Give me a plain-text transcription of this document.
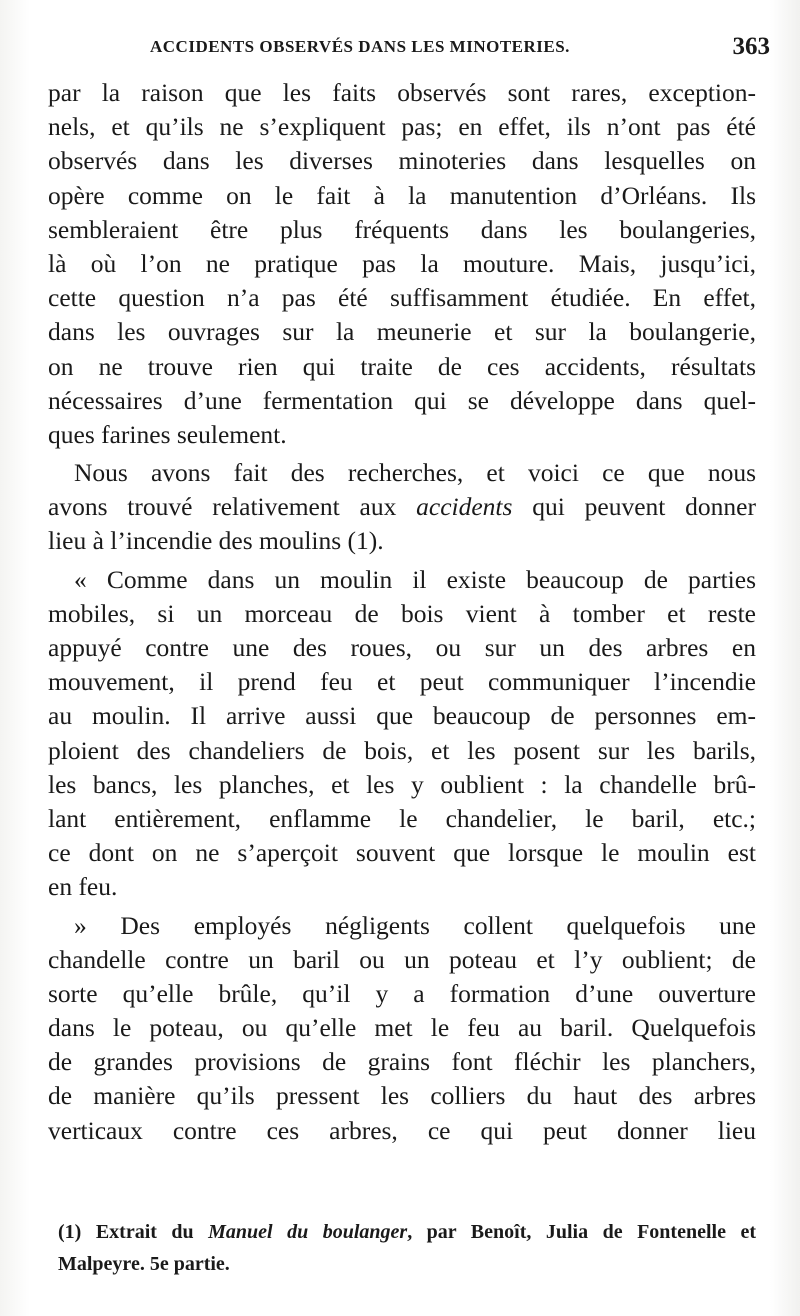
ACCIDENTS OBSERVÉS DANS LES MINOTERIES.	363
par la raison que les faits observés sont rares, exception-
nels, et qu’ils ne s’expliquent pas; en effet, ils n’ont pas été
observés dans les diverses minoteries dans lesquelles on
opère comme on le fait à la manutention d’Orléans. Ils
sembleraient être plus fréquents dans les boulangeries,
là où l’on ne pratique pas la mouture. Mais, jusqu’ici,
cette question n’a pas été suffisamment étudiée. En effet,
dans les ouvrages sur la meunerie et sur la boulangerie,
on ne trouve rien qui traite de ces accidents, résultats
nécessaires d’une fermentation qui se développe dans quel-
ques farines seulement.
Nous avons fait des recherches, et voici ce que nous
avons trouvé relativement aux accidents qui peuvent donner
lieu à l’incendie des moulins (1).
« Comme dans un moulin il existe beaucoup de parties
mobiles, si un morceau de bois vient à tomber et reste
appuyé contre une des roues, ou sur un des arbres en
mouvement, il prend feu et peut communiquer l’incendie
au moulin. Il arrive aussi que beaucoup de personnes em-
ploient des chandeliers de bois, et les posent sur les barils,
les bancs, les planches, et les y oublient : la chandelle brû-
lant entièrement, enflamme le chandelier, le baril, etc.;
ce dont on ne s’aperçoit souvent que lorsque le moulin est
en feu.
» Des employés négligents collent quelquefois une
chandelle contre un baril ou un poteau et l’y oublient; de
sorte qu’elle brûle, qu’il y a formation d’une ouverture
dans le poteau, ou qu’elle met le feu au baril. Quelquefois
de grandes provisions de grains font fléchir les planchers,
de manière qu’ils pressent les colliers du haut des arbres
verticaux contre ces arbres, ce qui peut donner lieu
(1) Extrait du Manuel du boulanger, par Benoît, Julia de Fontenelle et
Malpeyre. 5e partie.
